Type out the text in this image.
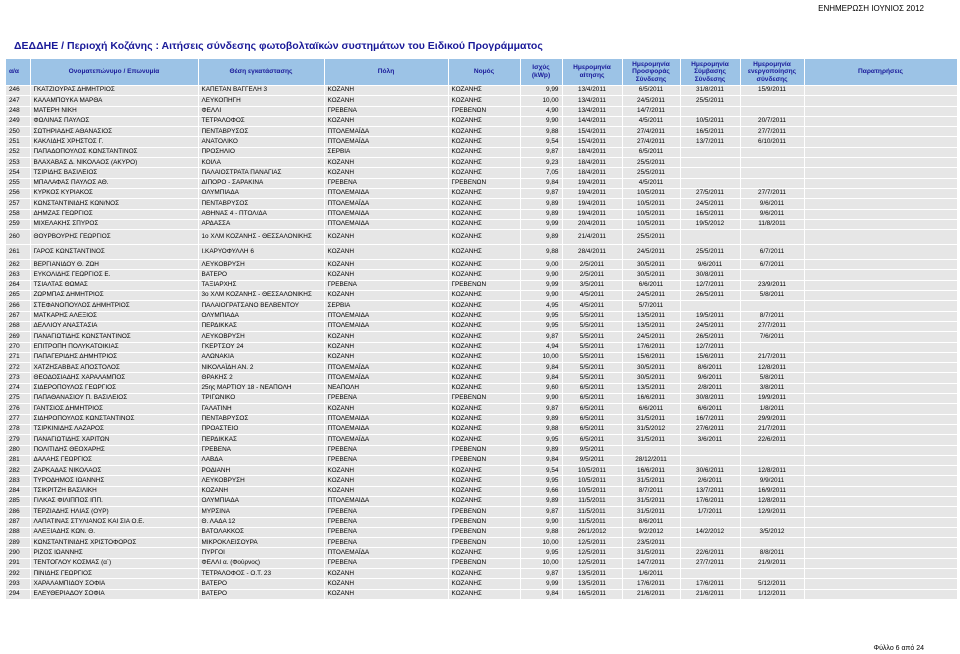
ΕΝΗΜΕΡΩΣΗ ΙΟΥΝΙΟΣ 2012
ΔΕΔΔΗΕ / Περιοχή Κοζάνης : Αιτήσεις σύνδεσης φωτοβολταϊκών συστημάτων του Ειδικού Προγράμματος
α/α	Ονοματεπώνυμο / Επωνυμία	Θέση εγκατάστασης	Πόλη	Νομός	Ισχύς (kWp)	Ημερομηνία αίτησης	Ημερομηνία Προσφοράς Σύνδεσης	Ημερομηνία Σύμβασης Σύνδεσης	Ημερομηνία ενεργοποίησης σύνδεσης	Παρατηρήσεις
246	ΓΚΑΤΖΙΟΥΡΑΣ ΔΗΜΗΤΡΙΟΣ	ΚΑΠΕΤΑΝ ΒΑΓΓΕΛΗ 3	ΚΟΖΑΝΗ	ΚΟΖΑΝΗΣ	9,99	13/4/2011	6/5/2011	31/8/2011	15/9/2011	
247	ΚΑΛΑΜΠΟΥΚΑ ΜΑΡΘΑ	ΛΕΥΚΟΠΗΓΗ	ΚΟΖΑΝΗ	ΚΟΖΑΝΗΣ	10,00	13/4/2011	24/5/2011	25/5/2011		
248	ΜΑΤΕΡΗ ΝΙΚΗ	ΦΕΛΛΙ	ΓΡΕΒΕΝΑ	ΓΡΕΒΕΝΩΝ	4,90	13/4/2011	14/7/2011			
249	ΦΩΛΙΝΑΣ ΠΑΥΛΟΣ	ΤΕΤΡΑΛΟΦΟΣ	ΚΟΖΑΝΗ	ΚΟΖΑΝΗΣ	9,90	14/4/2011	4/5/2011	10/5/2011	20/7/2011	
250	ΣΩΤΗΡΙΑΔΗΣ ΑΘΑΝΑΣΙΟΣ	ΠΕΝΤΑΒΡΥΣΟΣ	ΠΤΟΛΕΜΑΪΔΑ	ΚΟΖΑΝΗΣ	9,88	15/4/2011	27/4/2011	16/5/2011	27/7/2011	
251	ΚΑΚΛΙΔΗΣ ΧΡΗΣΤΟΣ Γ.	ΑΝΑΤΟΛΙΚΟ	ΠΤΟΛΕΜΑΪΔΑ	ΚΟΖΑΝΗΣ	9,54	15/4/2011	27/4/2011	13/7/2011	6/10/2011	
252	ΠΑΠΑΔΟΠΟΥΛΟΣ ΚΩΝΣΤΑΝΤΙΝΟΣ	ΠΡΟΣΗΛΙΟ	ΣΕΡΒΙΑ	ΚΟΖΑΝΗΣ	9,87	18/4/2011	6/5/2011			
253	ΒΛΑΧΑΒΑΣ Δ. ΝΙΚΟΛΑΟΣ (ΑΚΥΡΟ)	ΚΟΙΛΑ	ΚΟΖΑΝΗ	ΚΟΖΑΝΗΣ	9,23	18/4/2011	25/5/2011			
254	ΤΣΙΡΙΔΗΣ ΒΑΣΙΛΕΙΟΣ	ΠΑΛΑΙΟΣΤΡΑΤΑ ΠΑΝΑΓΙΑΣ	ΚΟΖΑΝΗ	ΚΟΖΑΝΗΣ	7,05	18/4/2011	25/5/2011			
255	ΜΠΑΛΑΦΑΣ ΠΑΥΛΟΣ ΑΘ.	ΔΙΠΟΡΟ - ΣΑΡΑΚΙΝΑ	ΓΡΕΒΕΝΑ	ΓΡΕΒΕΝΩΝ	9,84	19/4/2011	4/5/2011			
256	ΚΥΡΚΟΣ ΚΥΡΙΑΚΟΣ	ΟΛΥΜΠΙΑΔΑ	ΠΤΟΛΕΜΑΪΔΑ	ΚΟΖΑΝΗΣ	9,87	19/4/2011	10/5/2011	27/5/2011	27/7/2011	
257	ΚΩΝΣΤΑΝΤΙΝΙΔΗΣ ΚΩΝ/ΝΟΣ	ΠΕΝΤΑΒΡΥΣΟΣ	ΠΤΟΛΕΜΑΪΔΑ	ΚΟΖΑΝΗΣ	9,89	19/4/2011	10/5/2011	24/5/2011	9/6/2011	
258	ΔΗΜΖΑΣ ΓΕΩΡΓΙΟΣ	ΑΘΗΝΑΣ 4 - ΠΤΟΛ/ΔΑ	ΠΤΟΛΕΜΑΪΔΑ	ΚΟΖΑΝΗΣ	9,89	19/4/2011	10/5/2011	16/5/2011	9/6/2011	
259	ΜΙΧΕΛΑΚΗΣ ΣΠΥΡΟΣ	ΑΡΔΑΣΣΑ	ΠΤΟΛΕΜΑΪΔΑ	ΚΟΖΑΝΗΣ	9,99	20/4/2011	10/5/2011	19/5/2012	11/8/2011	
260	ΘΟΥΡΒΟΥΡΗΣ ΓΕΩΡΓΙΟΣ	1ο ΧΛΜ ΚΟΖΑΝΗΣ - ΘΕΣΣΑΛΟΝΙΚΗΣ	ΚΟΖΑΝΗ	ΚΟΖΑΝΗΣ	9,89	21/4/2011	25/5/2011			
261	ΓΑΡΟΣ ΚΩΝΣΤΑΝΤΙΝΟΣ	Ι.ΚΑΡΥΟΦΥΛΛΗ 6	ΚΟΖΑΝΗ	ΚΟΖΑΝΗΣ	9,88	28/4/2011	24/5/2011	25/5/2011	6/7/2011	
262	ΒΕΡΓΙΑΝΙΔΟΥ Θ. ΖΩΗ	ΛΕΥΚΟΒΡΥΣΗ	ΚΟΖΑΝΗ	ΚΟΖΑΝΗΣ	9,00	2/5/2011	30/5/2011	9/6/2011	6/7/2011	
263	ΕΥΚΟΛΙΔΗΣ ΓΕΩΡΓΙΟΣ Ε.	ΒΑΤΕΡΟ	ΚΟΖΑΝΗ	ΚΟΖΑΝΗΣ	9,90	2/5/2011	30/5/2011	30/8/2011		
264	ΤΣΙΑΛΤΑΣ ΘΩΜΑΣ	ΤΑΞΙΑΡΧΗΣ	ΓΡΕΒΕΝΑ	ΓΡΕΒΕΝΩΝ	9,99	3/5/2011	6/6/2011	12/7/2011	23/9/2011	
265	ΖΩΡΜΠΑΣ ΔΗΜΗΤΡΙΟΣ	3ο ΧΛΜ ΚΟΖΑΝΗΣ - ΘΕΣΣΑΛΟΝΙΚΗΣ	ΚΟΖΑΝΗ	ΚΟΖΑΝΗΣ	9,90	4/5/2011	24/5/2011	26/5/2011	5/8/2011	
266	ΣΤΕΦΑΝΟΠΟΥΛΟΣ ΔΗΜΗΤΡΙΟΣ	ΠΑΛΑΙΟΓΡΑΤΣΑΝΟ ΒΕΛΒΕΝΤΟΥ	ΣΕΡΒΙΑ	ΚΟΖΑΝΗΣ	4,95	4/5/2011	5/7/2011			
267	ΜΑΤΚΑΡΗΣ ΑΛΕΞΙΟΣ	ΟΛΥΜΠΙΑΔΑ	ΠΤΟΛΕΜΑΪΔΑ	ΚΟΖΑΝΗΣ	9,95	5/5/2011	13/5/2011	19/5/2011	8/7/2011	
268	ΔΕΛΛΙΟΥ ΑΝΑΣΤΑΣΙΑ	ΠΕΡΔΙΚΚΑΣ	ΠΤΟΛΕΜΑΪΔΑ	ΚΟΖΑΝΗΣ	9,95	5/5/2011	13/5/2011	24/5/2011	27/7/2011	
269	ΠΑΝΑΓΙΩΤΙΔΗΣ ΚΩΝΣΤΑΝΤΙΝΟΣ	ΛΕΥΚΟΒΡΥΣΗ	ΚΟΖΑΝΗ	ΚΟΖΑΝΗΣ	9,87	5/5/2011	24/5/2011	26/5/2011	7/6/2011	
270	ΕΠΙΤΡΟΠΗ ΠΟΛΥΚΑΤΟΙΚΙΑΣ	ΓΚΕΡΤΣΟΥ 24	ΚΟΖΑΝΗ	ΚΟΖΑΝΗΣ	4,94	5/5/2011	17/6/2011	12/7/2011		
271	ΠΑΠΑΓΕΡΙΔΗΣ ΔΗΜΗΤΡΙΟΣ	ΑΛΩΝΑΚΙΑ	ΚΟΖΑΝΗ	ΚΟΖΑΝΗΣ	10,00	5/5/2011	15/6/2011	15/6/2011	21/7/2011	
272	ΧΑΤΖΗΣΑΒΒΑΣ ΑΠΟΣΤΟΛΟΣ	ΝΙΚΟΛΑΪΔΗ ΑΝ. 2	ΠΤΟΛΕΜΑΪΔΑ	ΚΟΖΑΝΗΣ	9,84	5/5/2011	30/5/2011	8/6/2011	12/8/2011	
273	ΘΕΟΔΟΣΙΑΔΗΣ ΧΑΡΑΛΑΜΠΟΣ	ΘΡΑΚΗΣ 2	ΠΤΟΛΕΜΑΪΔΑ	ΚΟΖΑΝΗΣ	9,84	5/5/2011	30/5/2011	9/6/2011	5/8/2011	
274	ΣΙΔΕΡΟΠΟΥΛΟΣ ΓΕΩΡΓΙΟΣ	25ης ΜΑΡΤΙΟΥ 18 - ΝΕΑΠΟΛΗ	ΝΕΑΠΟΛΗ	ΚΟΖΑΝΗΣ	9,60	6/5/2011	13/5/2011	2/8/2011	3/8/2011	
275	ΠΑΠΑΘΑΝΑΣΙΟΥ Π. ΒΑΣΙΛΕΙΟΣ	ΤΡΙΓΩΝΙΚΟ	ΓΡΕΒΕΝΑ	ΓΡΕΒΕΝΩΝ	9,90	6/5/2011	16/6/2011	30/8/2011	19/9/2011	
276	ΓΑΝΤΣΙΟΣ ΔΗΜΗΤΡΙΟΣ	ΓΑΛΑΤΙΝΗ	ΚΟΖΑΝΗ	ΚΟΖΑΝΗΣ	9,87	6/5/2011	6/6/2011	6/6/2011	1/8/2011	
277	ΣΙΔΗΡΟΠΟΥΛΟΣ ΚΩΝΣΤΑΝΤΙΝΟΣ	ΠΕΝΤΑΒΡΥΣΟΣ	ΠΤΟΛΕΜΑΪΔΑ	ΚΟΖΑΝΗΣ	9,89	6/5/2011	31/5/2011	16/7/2011	29/9/2011	
278	ΤΣΙΡΚΙΝΙΔΗΣ ΛΑΖΑΡΟΣ	ΠΡΟΑΣΤΕΙΟ	ΠΤΟΛΕΜΑΪΔΑ	ΚΟΖΑΝΗΣ	9,88	6/5/2011	31/5/2012	27/6/2011	21/7/2011	
279	ΠΑΝΑΓΙΩΤΙΔΗΣ ΧΑΡΙΤΩΝ	ΠΕΡΔΙΚΚΑΣ	ΠΤΟΛΕΜΑΪΔΑ	ΚΟΖΑΝΗΣ	9,95	6/5/2011	31/5/2011	3/6/2011	22/6/2011	
280	ΠΟΛΙΤΙΔΗΣ ΘΕΟΧΑΡΗΣ	ΓΡΕΒΕΝΑ	ΓΡΕΒΕΝΑ	ΓΡΕΒΕΝΩΝ	9,89	9/5/2011				
281	ΔΑΛΑΗΣ ΓΕΩΡΓΙΟΣ	ΛΑΒΔΑ	ΓΡΕΒΕΝΑ	ΓΡΕΒΕΝΩΝ	9,84	9/5/2011	28/12/2011			
282	ΖΑΡΚΑΔΑΣ ΝΙΚΟΛΑΟΣ	ΡΟΔΙΑΝΗ	ΚΟΖΑΝΗ	ΚΟΖΑΝΗΣ	9,54	10/5/2011	16/6/2011	30/6/2011	12/8/2011	
283	ΤΥΡΟΔΗΜΟΣ ΙΩΑΝΝΗΣ	ΛΕΥΚΟΒΡΥΣΗ	ΚΟΖΑΝΗ	ΚΟΖΑΝΗΣ	9,95	10/5/2011	31/5/2011	2/6/2011	9/9/2011	
284	ΤΣΙΚΡΙΤΖΗ ΒΑΣΙΛΙΚΗ	ΚΟΖΑΝΗ	ΚΟΖΑΝΗ	ΚΟΖΑΝΗΣ	9,66	10/5/2011	8/7/2011	13/7/2011	16/9/2011	
285	ΓΙΛΚΑΣ ΦΙΛΙΠΠΟΣ ΙΠΠ.	ΟΛΥΜΠΙΑΔΑ	ΠΤΟΛΕΜΑΪΔΑ	ΚΟΖΑΝΗΣ	9,89	11/5/2011	31/5/2011	17/6/2011	12/8/2011	
286	ΤΕΡΖΙΑΔΗΣ ΗΛΙΑΣ (ΟΥΡ)	ΜΥΡΣΙΝΑ	ΓΡΕΒΕΝΑ	ΓΡΕΒΕΝΩΝ	9,87	11/5/2011	31/5/2011	1/7/2011	12/9/2011	
287	ΛΑΠΑΤΙΝΑΣ ΣΤΥΛΙΑΝΟΣ ΚΑΙ ΣΙΑ Ο.Ε.	Θ. ΛΑΔΑ 12	ΓΡΕΒΕΝΑ	ΓΡΕΒΕΝΩΝ	9,90	11/5/2011	8/6/2011			
288	ΑΛΕΞΙΑΔΗΣ ΚΩΝ. Θ.	ΒΑΤΟΛΑΚΚΟΣ	ΓΡΕΒΕΝΑ	ΓΡΕΒΕΝΩΝ	9,88	26/1/2012	9/2/2012	14/2/2012	3/5/2012	
289	ΚΩΝΣΤΑΝΤΙΝΙΔΗΣ ΧΡΙΣΤΟΦΟΡΟΣ	ΜΙΚΡΟΚΛΕΙΣΟΥΡΑ	ΓΡΕΒΕΝΑ	ΓΡΕΒΕΝΩΝ	10,00	12/5/2011	23/5/2011			
290	ΡΙΖΟΣ ΙΩΑΝΝΗΣ	ΠΥΡΓΟΙ	ΠΤΟΛΕΜΑΪΔΑ	ΚΟΖΑΝΗΣ	9,95	12/5/2011	31/5/2011	22/6/2011	8/8/2011	
291	ΤΕΝΤΟΓΛΟΥ ΚΟΣΜΑΣ (α΄)	ΦΕΛΛΙ α. (Φούρνος)	ΓΡΕΒΕΝΑ	ΓΡΕΒΕΝΩΝ	10,00	12/5/2011	14/7/2011	27/7/2011	21/9/2011	
292	ΠΙΝΙΔΗΣ ΓΕΩΡΓΙΟΣ	ΤΕΤΡΑΛΟΦΟΣ - Ο.Τ. 23	ΚΟΖΑΝΗ	ΚΟΖΑΝΗΣ	9,87	13/5/2011	1/6/2011			
293	ΧΑΡΑΛΑΜΠΙΔΟΥ ΣΟΦΙΑ	ΒΑΤΕΡΟ	ΚΟΖΑΝΗ	ΚΟΖΑΝΗΣ	9,99	13/5/2011	17/6/2011	17/6/2011	5/12/2011	
294	ΕΛΕΥΘΕΡΙΑΔΟΥ ΣΟΦΙΑ	ΒΑΤΕΡΟ	ΚΟΖΑΝΗ	ΚΟΖΑΝΗΣ	9,84	16/5/2011	21/6/2011	21/6/2011	1/12/2011	
Φύλλο 6 από 24
